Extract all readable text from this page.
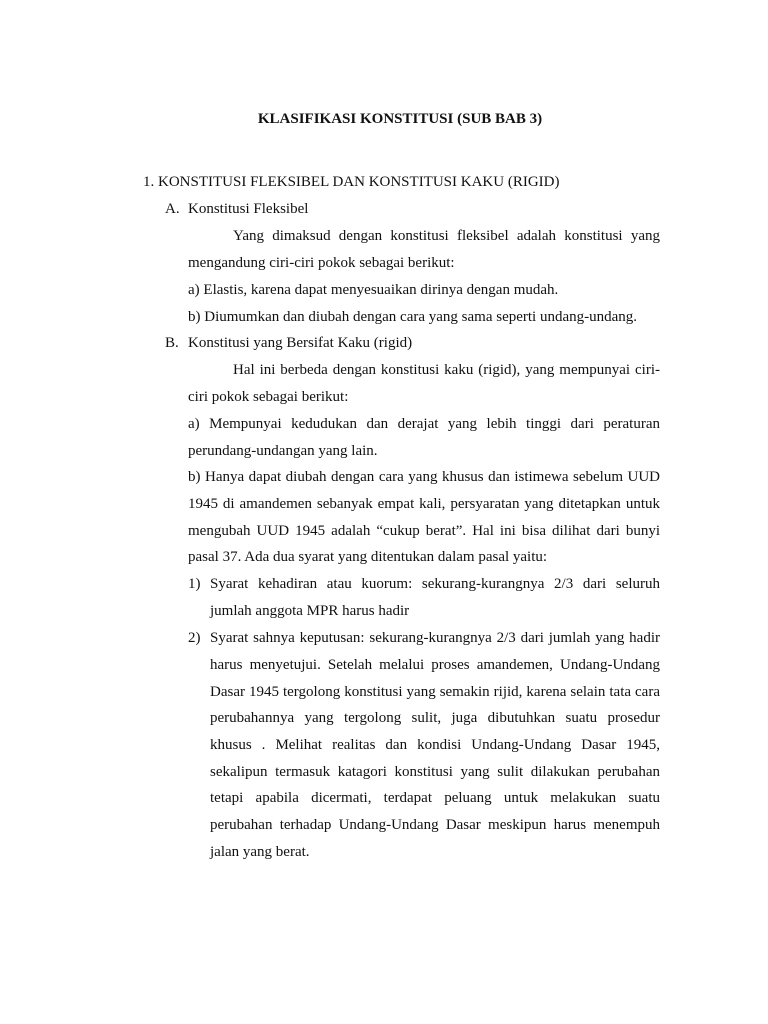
KLASIFIKASI KONSTITUSI (SUB BAB 3)
1. KONSTITUSI FLEKSIBEL DAN KONSTITUSI KAKU (RIGID)
A. Konstitusi Fleksibel
Yang dimaksud dengan konstitusi fleksibel adalah konstitusi yang
mengandung ciri-ciri pokok sebagai berikut:
a) Elastis, karena dapat menyesuaikan dirinya dengan mudah.
b) Diumumkan dan diubah dengan cara yang sama seperti undang-undang.
B. Konstitusi yang Bersifat Kaku (rigid)
Hal ini berbeda dengan konstitusi kaku (rigid), yang mempunyai ciri-
ciri pokok sebagai berikut:
a) Mempunyai kedudukan dan derajat yang lebih tinggi dari peraturan
perundang-undangan yang lain.
b) Hanya dapat diubah dengan cara yang khusus dan istimewa sebelum UUD
1945 di amandemen sebanyak empat kali, persyaratan yang ditetapkan untuk
mengubah UUD 1945 adalah “cukup berat”. Hal ini bisa dilihat dari bunyi
pasal 37. Ada dua syarat yang ditentukan dalam pasal yaitu:
1) Syarat kehadiran atau kuorum: sekurang-kurangnya 2/3 dari seluruh
jumlah anggota MPR harus hadir
2) Syarat sahnya keputusan: sekurang-kurangnya 2/3 dari jumlah yang hadir
harus menyetujui. Setelah melalui proses amandemen, Undang-Undang
Dasar 1945 tergolong konstitusi yang semakin rijid, karena selain tata cara
perubahannya yang tergolong sulit, juga dibutuhkan suatu prosedur
khusus . Melihat realitas dan kondisi Undang-Undang Dasar 1945,
sekalipun termasuk katagori konstitusi yang sulit dilakukan perubahan
tetapi apabila dicermati, terdapat peluang untuk melakukan suatu
perubahan terhadap Undang-Undang Dasar meskipun harus menempuh
jalan yang berat.
